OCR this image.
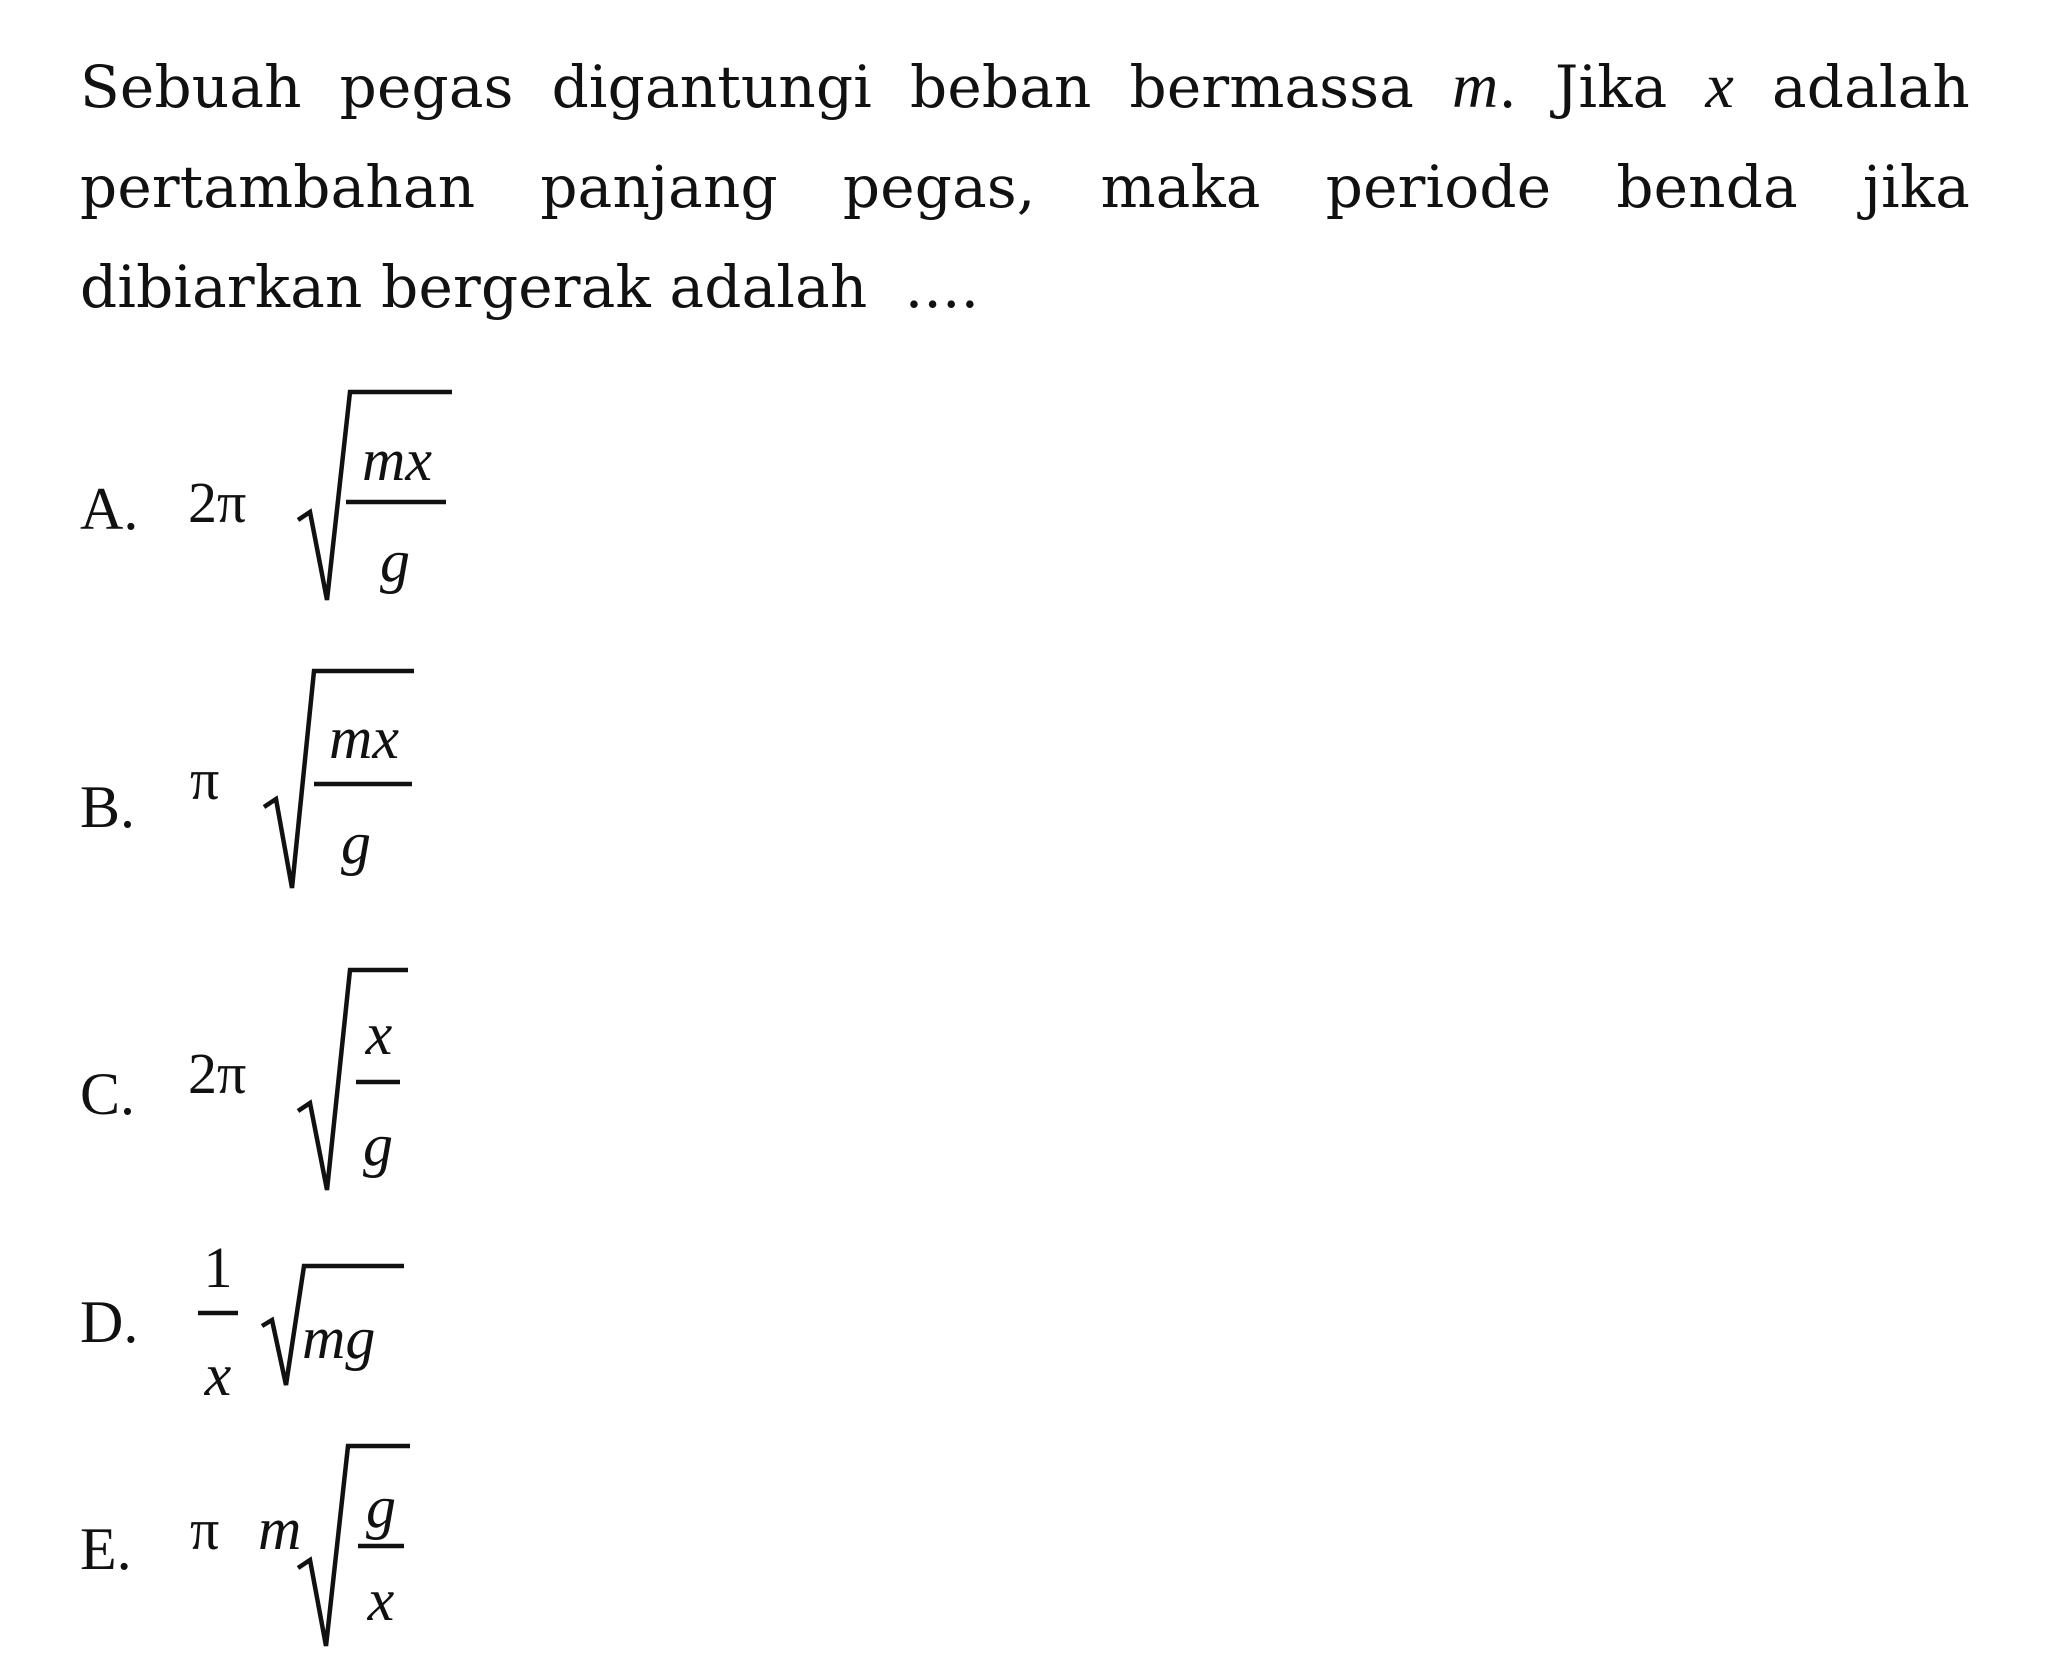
Sebuah pegas digantungi beban bermassa m. Jika x adalah pertambahan panjang pegas, maka periode benda jika dibiarkan bergerak adalah ....
A.
B.
C.
D.
E.
2π
mx
g
π
mx
g
2π
x
g
1
x
mg
π m g
x
